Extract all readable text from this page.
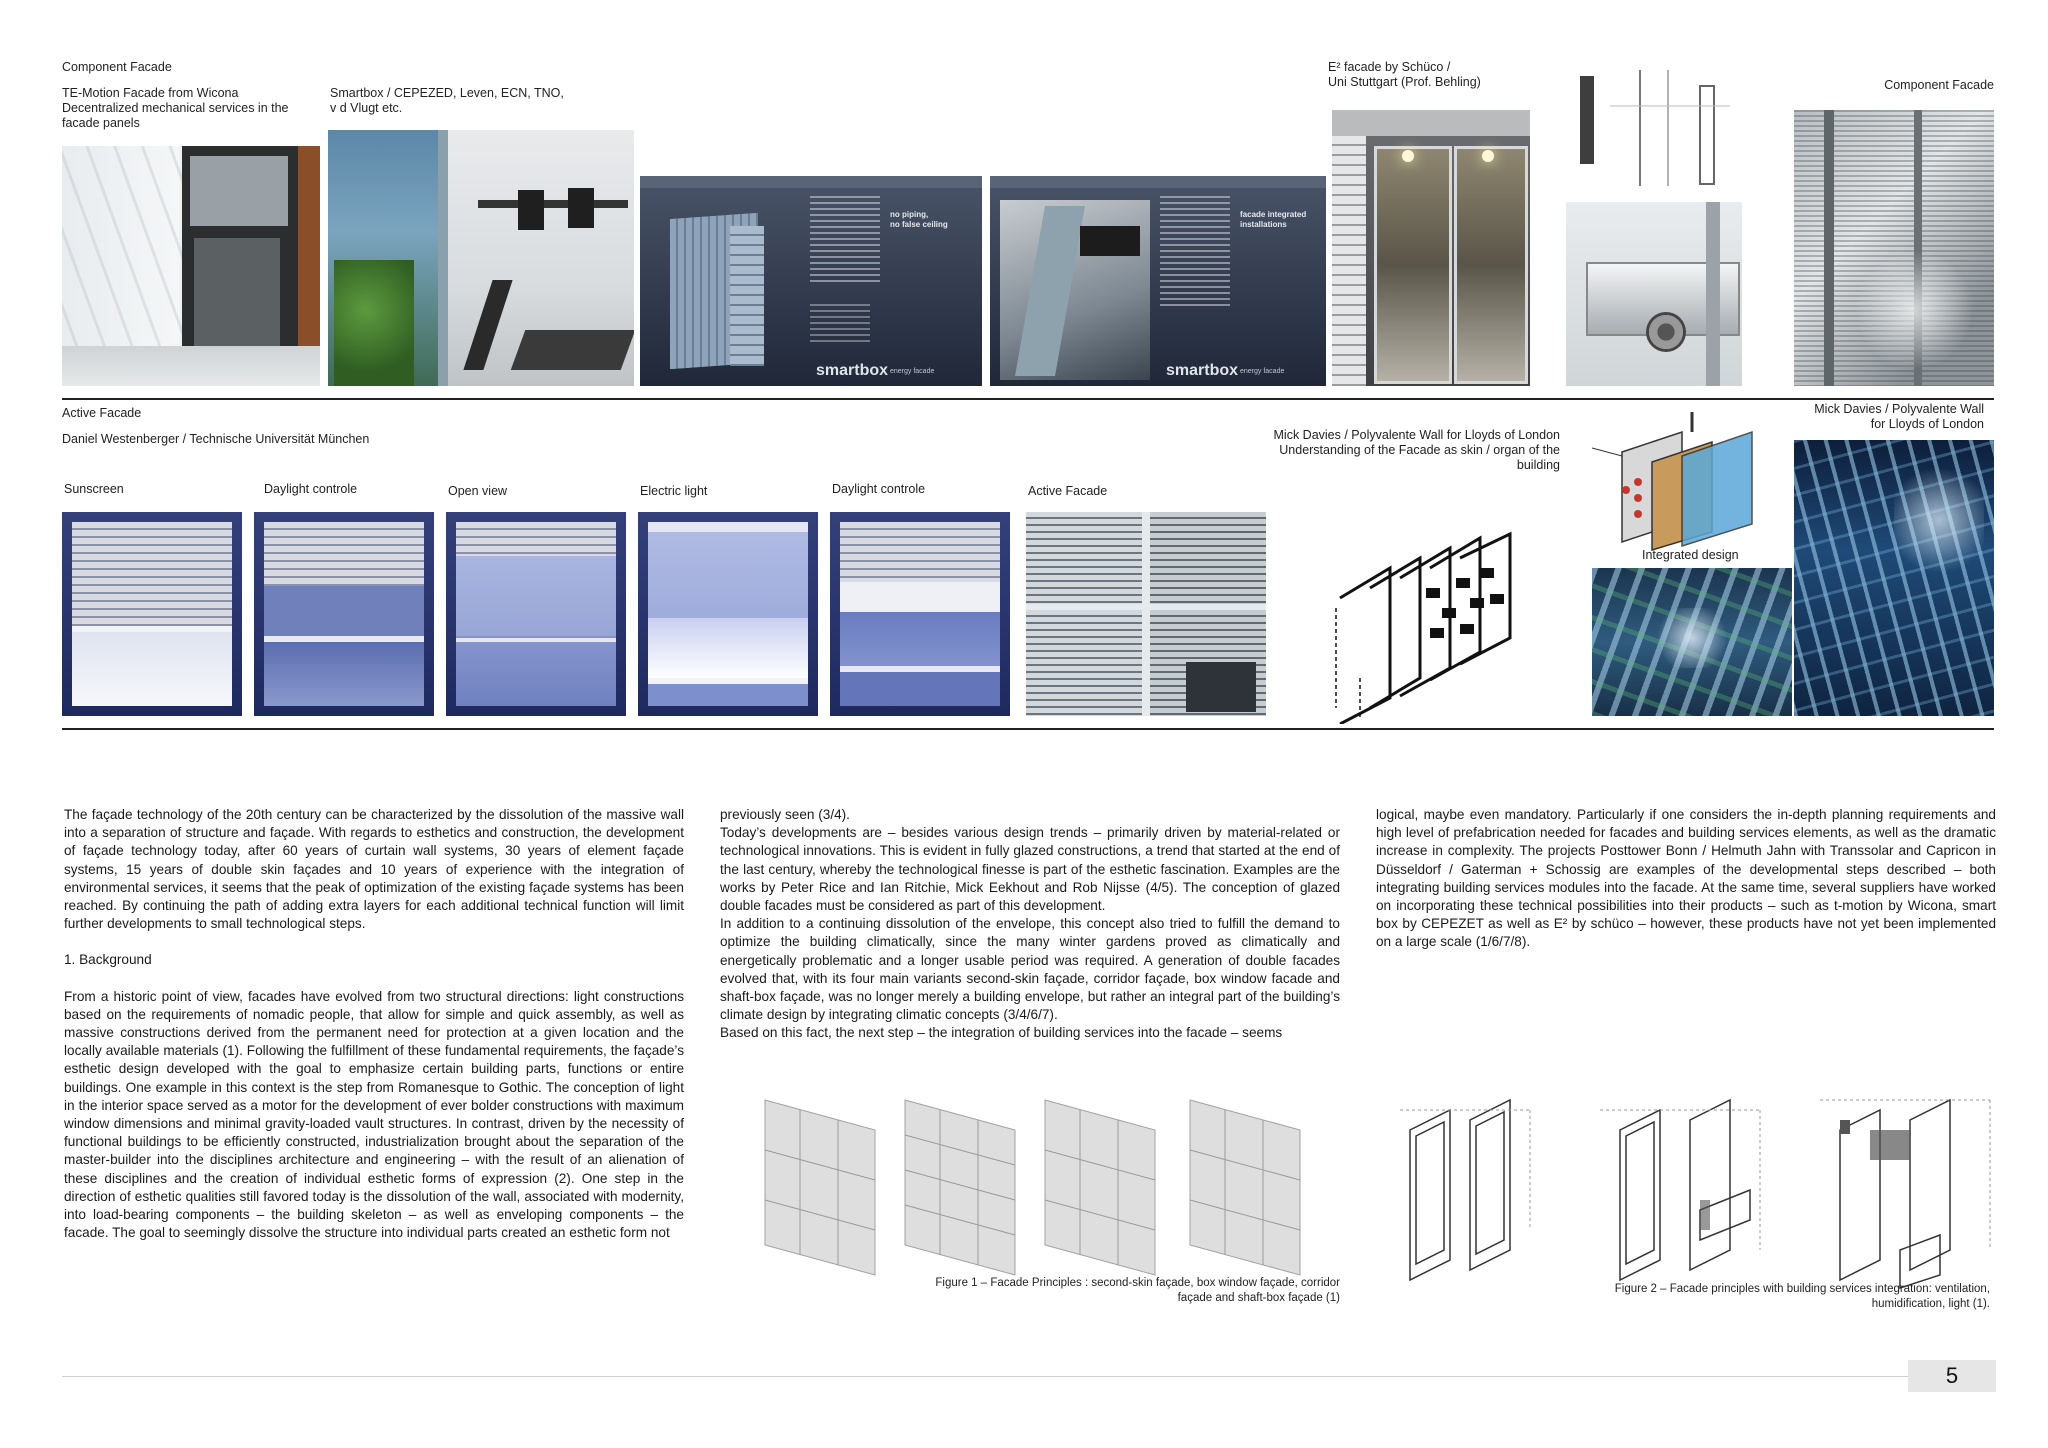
Component Facade
TE-Motion Facade from Wicona
Decentralized mechanical services in the
facade panels
Smartbox / CEPEZED, Leven, ECN, TNO,
v d Vlugt etc.
E² facade by Schüco /
Uni Stuttgart (Prof. Behling)	Component Facade
no piping,
no false ceiling
smartbox energy facade
facade integrated
installations
smartbox energy facade
Active Facade
Daniel Westenberger / Technische Universität München	Mick Davies / Polyvalente Wall for Lloyds of London
Understanding of the Facade as skin / organ of the
building
Mick Davies / Polyvalente Wall
for Lloyds of London
Sunscreen	Daylight controle	Open view	Electric light	Daylight controle	Active Facade
Integrated design

The façade technology of the 20th century can be characterized by the dissolution of the massive wall into a separation of structure and façade. With regards to esthetics and construction, the development of façade technology today, after 60 years of curtain wall systems, 30 years of element façade systems, 15 years of double skin façades and 10 years of experience with the integration of environmental services, it seems that the peak of optimization of the existing façade systems has been reached. By continuing the path of adding extra layers for each additional technical function will limit further developments to small technological steps.

1. Background

From a historic point of view, facades have evolved from two structural directions: light constructions based on the requirements of nomadic people, that allow for simple and quick assembly, as well as massive constructions derived from the permanent need for protection at a given location and the locally available materials (1). Following the fulfillment of these fundamental requirements, the façade’s esthetic design developed with the goal to emphasize certain building parts, functions or entire buildings. One example in this context is the step from Romanesque to Gothic. The conception of light in the interior space served as a motor for the development of ever bolder constructions with maximum window dimensions and minimal gravity-loaded vault structures. In contrast, driven by the necessity of functional buildings to be efficiently constructed, industrialization brought about the separation of the master-builder into the disciplines architecture and engineering – with the result of an alienation of these disciplines and the creation of individual esthetic forms of expression (2). One step in the direction of esthetic qualities still favored today is the dissolution of the wall, associated with modernity, into load-bearing components – the building skeleton – as well as enveloping components – the facade. The goal to seemingly dissolve the structure into individual parts created an esthetic form not

previously seen (3/4).

Today’s developments are – besides various design trends – primarily driven by material-related or technological innovations. This is evident in fully glazed constructions, a trend that started at the end of the last century, whereby the technological finesse is part of the esthetic fascination. Examples are the works by Peter Rice and Ian Ritchie, Mick Eekhout and Rob Nijsse (4/5). The conception of glazed double facades must be considered as part of this development.

In addition to a continuing dissolution of the envelope, this concept also tried to fulfill the demand to optimize the building climatically, since the many winter gardens proved as climatically and energetically problematic and a longer usable period was required. A generation of double facades evolved that, with its four main variants second-skin façade, corridor façade, box window facade and shaft-box façade, was no longer merely a building envelope, but rather an integral part of the building’s climate design by integrating climatic concepts (3/4/6/7).

Based on this fact, the next step – the integration of building services into the facade – seems

logical, maybe even mandatory. Particularly if one considers the in-depth planning requirements and high level of prefabrication needed for facades and building services elements, as well as the dramatic increase in complexity. The projects Posttower Bonn / Helmuth Jahn with Transsolar and Capricon in Düsseldorf / Gaterman + Schossig are examples of the developmental steps described – both integrating building services modules into the facade. At the same time, several suppliers have worked on incorporating these technical possibilities into their products – such as t-motion by Wicona, smart box by CEPEZET as well as E² by schüco – however, these products have not yet been implemented on a large scale (1/6/7/8).

Figure 1 – Facade Principles : second-skin façade, box window façade, corridor
façade and shaft-box façade (1)
Figure 2 – Facade principles with building services integration: ventilation,
humidification, light (1).
5
